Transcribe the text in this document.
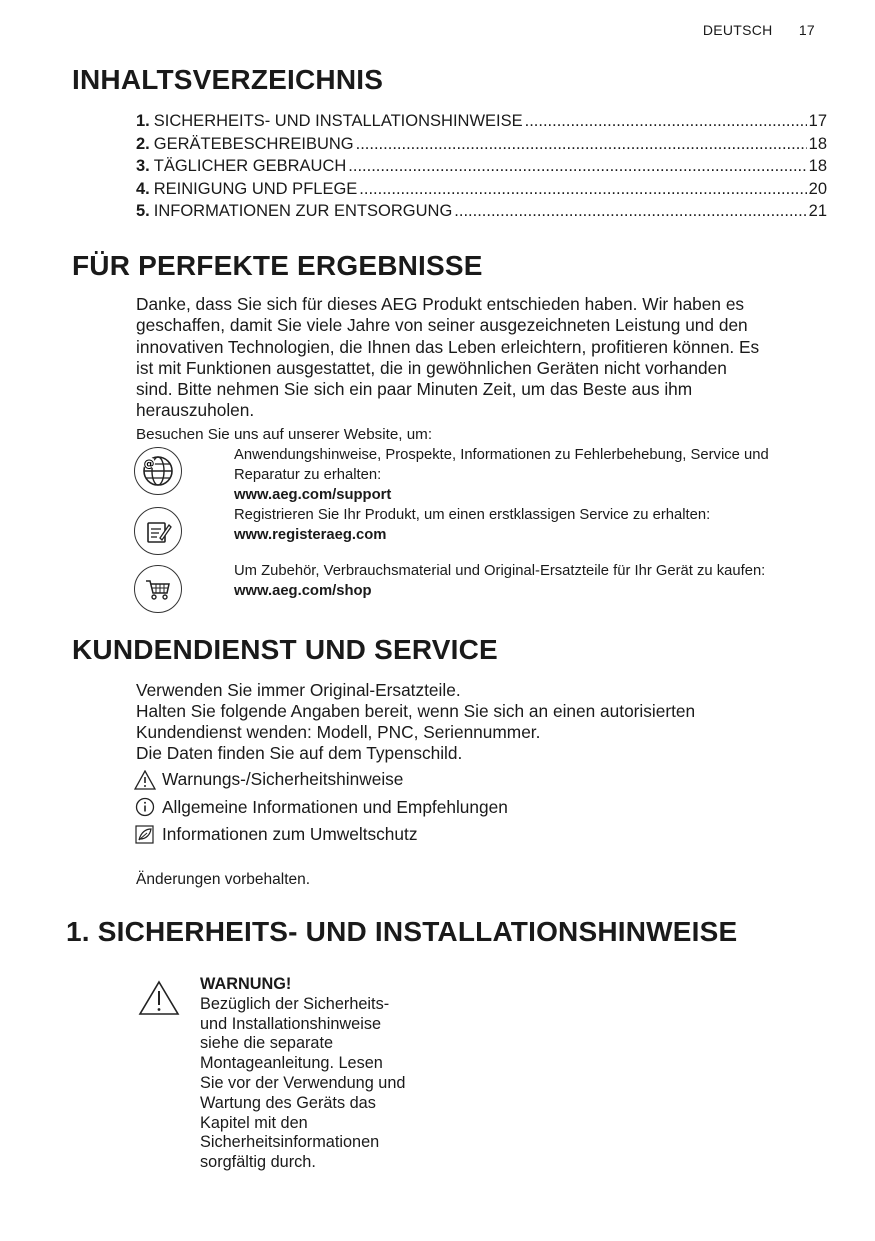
DEUTSCH 17
INHALTSVERZEICHNIS
1. SICHERHEITS- UND INSTALLATIONSHINWEISE .....	17
2. GERÄTEBESCHREIBUNG .....	18
3. TÄGLICHER GEBRAUCH .....	18
4. REINIGUNG UND PFLEGE .....	20
5. INFORMATIONEN ZUR ENTSORGUNG .....	21
FÜR PERFEKTE ERGEBNISSE
Danke, dass Sie sich für dieses AEG Produkt entschieden haben. Wir haben es
geschaffen, damit Sie viele Jahre von seiner ausgezeichneten Leistung und den
innovativen Technologien, die Ihnen das Leben erleichtern, profitieren können. Es
ist mit Funktionen ausgestattet, die in gewöhnlichen Geräten nicht vorhanden
sind. Bitte nehmen Sie sich ein paar Minuten Zeit, um das Beste aus ihm
herauszuholen.
Besuchen Sie uns auf unserer Website, um:
@
Anwendungshinweise, Prospekte, Informationen zu Fehlerbehebung, Service und Reparatur zu erhalten:
www.aeg.com/support
Registrieren Sie Ihr Produkt, um einen erstklassigen Service zu erhalten:
www.registeraeg.com
Um Zubehör, Verbrauchsmaterial und Original-Ersatzteile für Ihr Gerät zu kaufen:
www.aeg.com/shop
KUNDENDIENST UND SERVICE
Verwenden Sie immer Original-Ersatzteile.
Halten Sie folgende Angaben bereit, wenn Sie sich an einen autorisierten
Kundendienst wenden: Modell, PNC, Seriennummer.
Die Daten finden Sie auf dem Typenschild.
Warnungs-/Sicherheitshinweise
Allgemeine Informationen und Empfehlungen
Informationen zum Umweltschutz
Änderungen vorbehalten.
1. SICHERHEITS- UND INSTALLATIONSHINWEISE
WARNUNG!
Bezüglich der Sicherheits-
und Installationshinweise
siehe die separate
Montageanleitung. Lesen
Sie vor der Verwendung und
Wartung des Geräts das
Kapitel mit den
Sicherheitsinformationen
sorgfältig durch.
